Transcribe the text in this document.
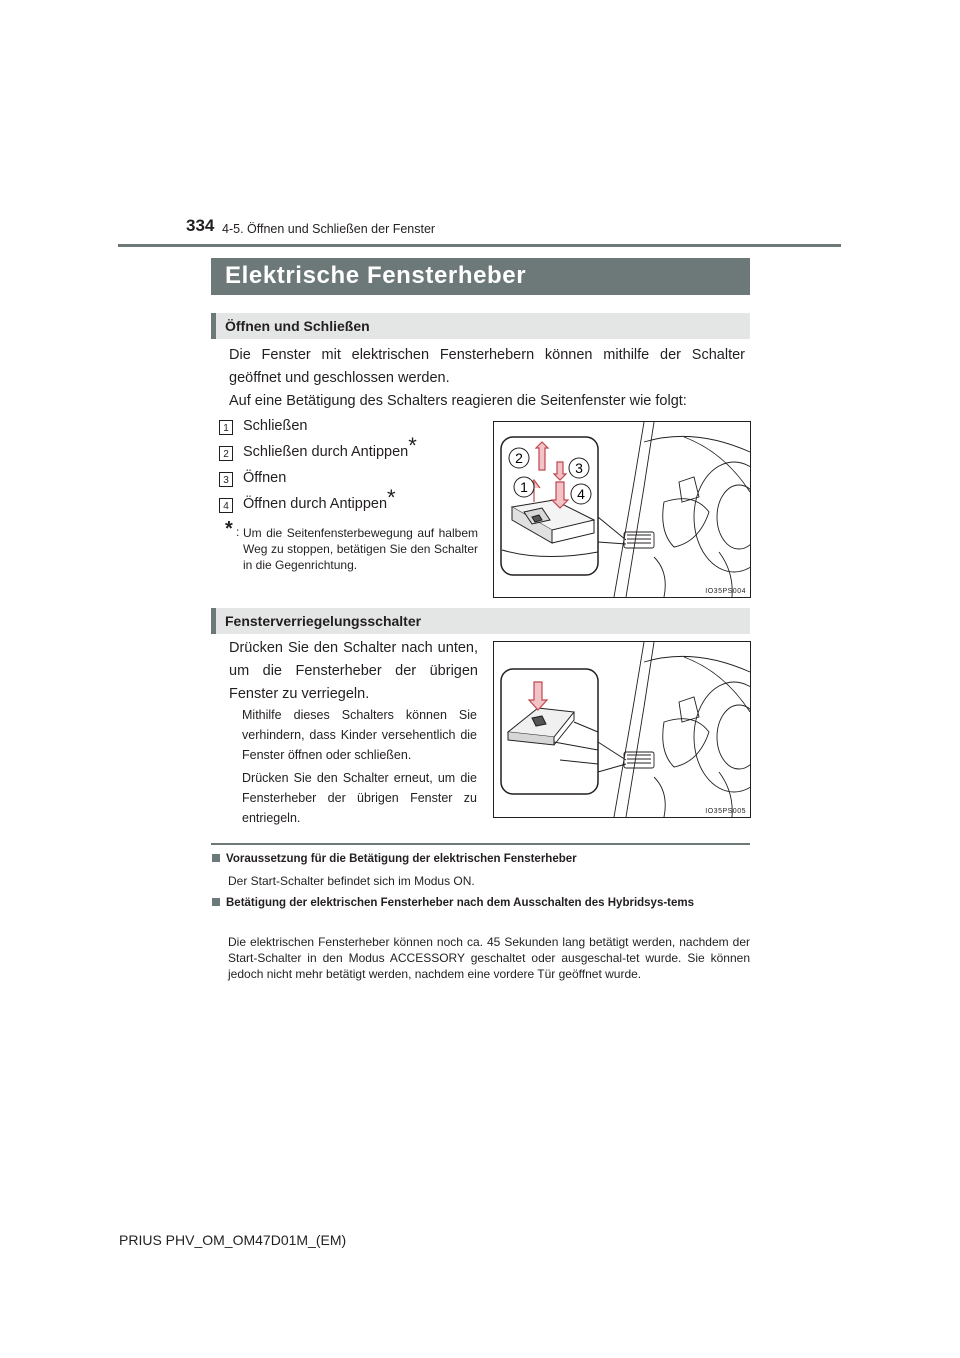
334 4-5. Öffnen und Schließen der Fenster
Elektrische Fensterheber
Öffnen und Schließen
Die Fenster mit elektrischen Fensterhebern können mithilfe der Schalter geöffnet und geschlossen werden.
Auf eine Betätigung des Schalters reagieren die Seitenfenster wie folgt:
1 Schließen
2 Schließen durch Antippen*
3 Öffnen
4 Öffnen durch Antippen*
* : Um die Seitenfensterbewegung auf halbem Weg zu stoppen, betätigen Sie den Schalter in die Gegenrichtung.
2
3
1	4
IO35PS004
Fensterverriegelungsschalter
Drücken Sie den Schalter nach unten, um die Fensterheber der übrigen Fenster zu verriegeln.
Mithilfe dieses Schalters können Sie verhindern, dass Kinder versehentlich die Fenster öffnen oder schließen.
Drücken Sie den Schalter erneut, um die Fensterheber der übrigen Fenster zu entriegeln.	IO35PS005
Voraussetzung für die Betätigung der elektrischen Fensterheber
Der Start-Schalter befindet sich im Modus ON.
Betätigung der elektrischen Fensterheber nach dem Ausschalten des Hybridsys-tems
Die elektrischen Fensterheber können noch ca. 45 Sekunden lang betätigt werden, nachdem der Start-Schalter in den Modus ACCESSORY geschaltet oder ausgeschal-tet wurde. Sie können jedoch nicht mehr betätigt werden, nachdem eine vordere Tür geöffnet wurde.
PRIUS PHV_OM_OM47D01M_(EM)
